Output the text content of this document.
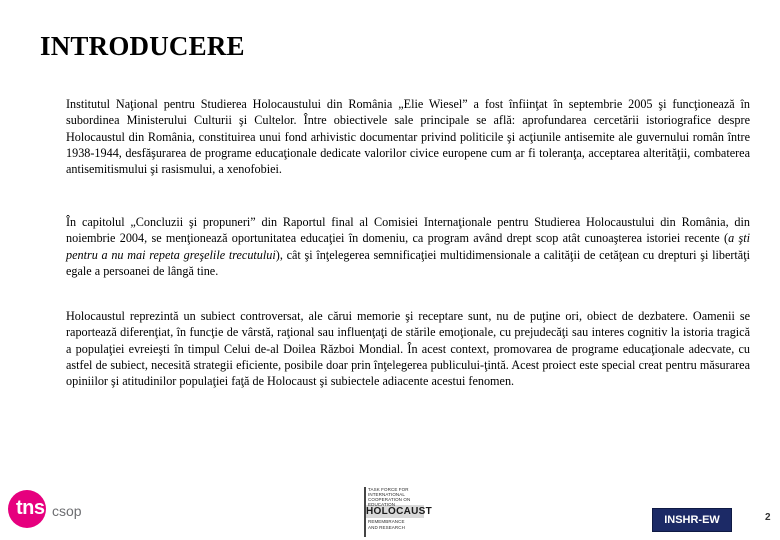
INTRODUCERE

Institutul Naţional pentru Studierea Holocaustului din România „Elie Wiesel” a fost înfiinţat în septembrie 2005 şi funcţionează în subordinea Ministerului Culturii şi Cultelor. Între obiectivele sale principale se află: aprofundarea cercetării istoriografice despre Holocaustul din România, constituirea unui fond arhivistic documentar privind politicile şi acţiunile antisemite ale guvernului român între 1938-1944, desfăşurarea de programe educaţionale dedicate valorilor civice europene cum ar fi toleranţa, acceptarea alterităţii, combaterea antisemitismului şi rasismului, a xenofobiei.

În capitolul „Concluzii şi propuneri” din Raportul final al Comisiei Internaţionale pentru Studierea Holocaustului din România, din noiembrie 2004, se menţionează oportunitatea educaţiei în domeniu, ca program având drept scop atât cunoaşterea istoriei recente (a şti pentru a nu mai repeta greşelile trecutului), cât şi înţelegerea semnificaţiei multidimensionale a calităţii de cetăţean cu drepturi şi libertăţi egale a persoanei de lângă tine.

Holocaustul reprezintă un subiect controversat, ale cărui memorie şi receptare sunt, nu de puţine ori, obiect de dezbatere. Oamenii se raportează diferenţiat, în funcţie de vârstă, raţional sau influenţaţi de stările emoţionale, cu prejudecăţi sau interes cognitiv la istoria tragică a populaţiei evreieşti în timpul Celui de-al Doilea Război Mondial. În acest context, promovarea de programe educaţionale adecvate, cu astfel de subiect, necesită strategii eficiente, posibile doar prin înţelegerea publicului-ţintă. Acest proiect este special creat pentru măsurarea opiniilor şi atitudinilor populaţiei faţă de Holocaust şi subiectele adiacente acestui fenomen.

tns csop
TASK FORCE FOR
INTERNATIONAL
COOPERATION ON
EDUCATION
HOLOCAUST
REMEMBRANCE
AND RESEARCH
INSHR-EW	2
